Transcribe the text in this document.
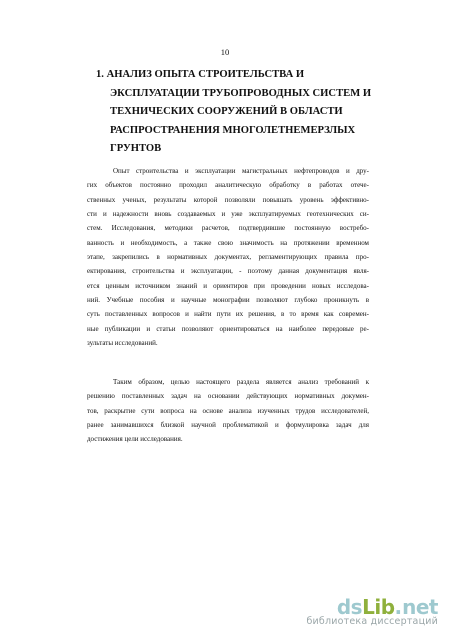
10
1. АНАЛИЗ ОПЫТА СТРОИТЕЛЬСТВА И
ЭКСПЛУАТАЦИИ ТРУБОПРОВОДНЫХ СИСТЕМ И
ТЕХНИЧЕСКИХ СООРУЖЕНИЙ В ОБЛАСТИ
РАСПРОСТРАНЕНИЯ МНОГОЛЕТНЕМЕРЗЛЫХ
ГРУНТОВ
Опыт строительства и эксплуатации магистральных нефтепроводов и дру-
гих объектов постоянно проходил аналитическую обработку в работах отече-
ственных ученых, результаты которой позволяли повышать уровень эффективно-
сти и надежности вновь создаваемых и уже эксплуатируемых геотехнических си-
стем. Исследования, методики расчетов, подтвердившие постоянную востребо-
ванность и необходимость, а также свою значимость на протяжении временном
этапе, закрепились в нормативных документах, регламентирующих правила про-
ектирования, строительства и эксплуатации, - поэтому данная документация явля-
ется ценным источником знаний и ориентиров при проведении новых исследова-
ний. Учебные пособия и научные монографии позволяют глубоко проникнуть в
суть поставленных вопросов и найти пути их решения, в то время как современ-
ные публикации и статьи позволяют ориентироваться на наиболее передовые ре-
зультаты исследований.
Таким образом, целью настоящего раздела является анализ требований к
решению поставленных задач на основании действующих нормативных докумен-
тов, раскрытие сути вопроса на основе анализа изученных трудов исследователей,
ранее занимавшихся близкой научной проблематикой и формулировка задач для
достижения цели исследования.
ds Lib . net
библиотека диссертаций
